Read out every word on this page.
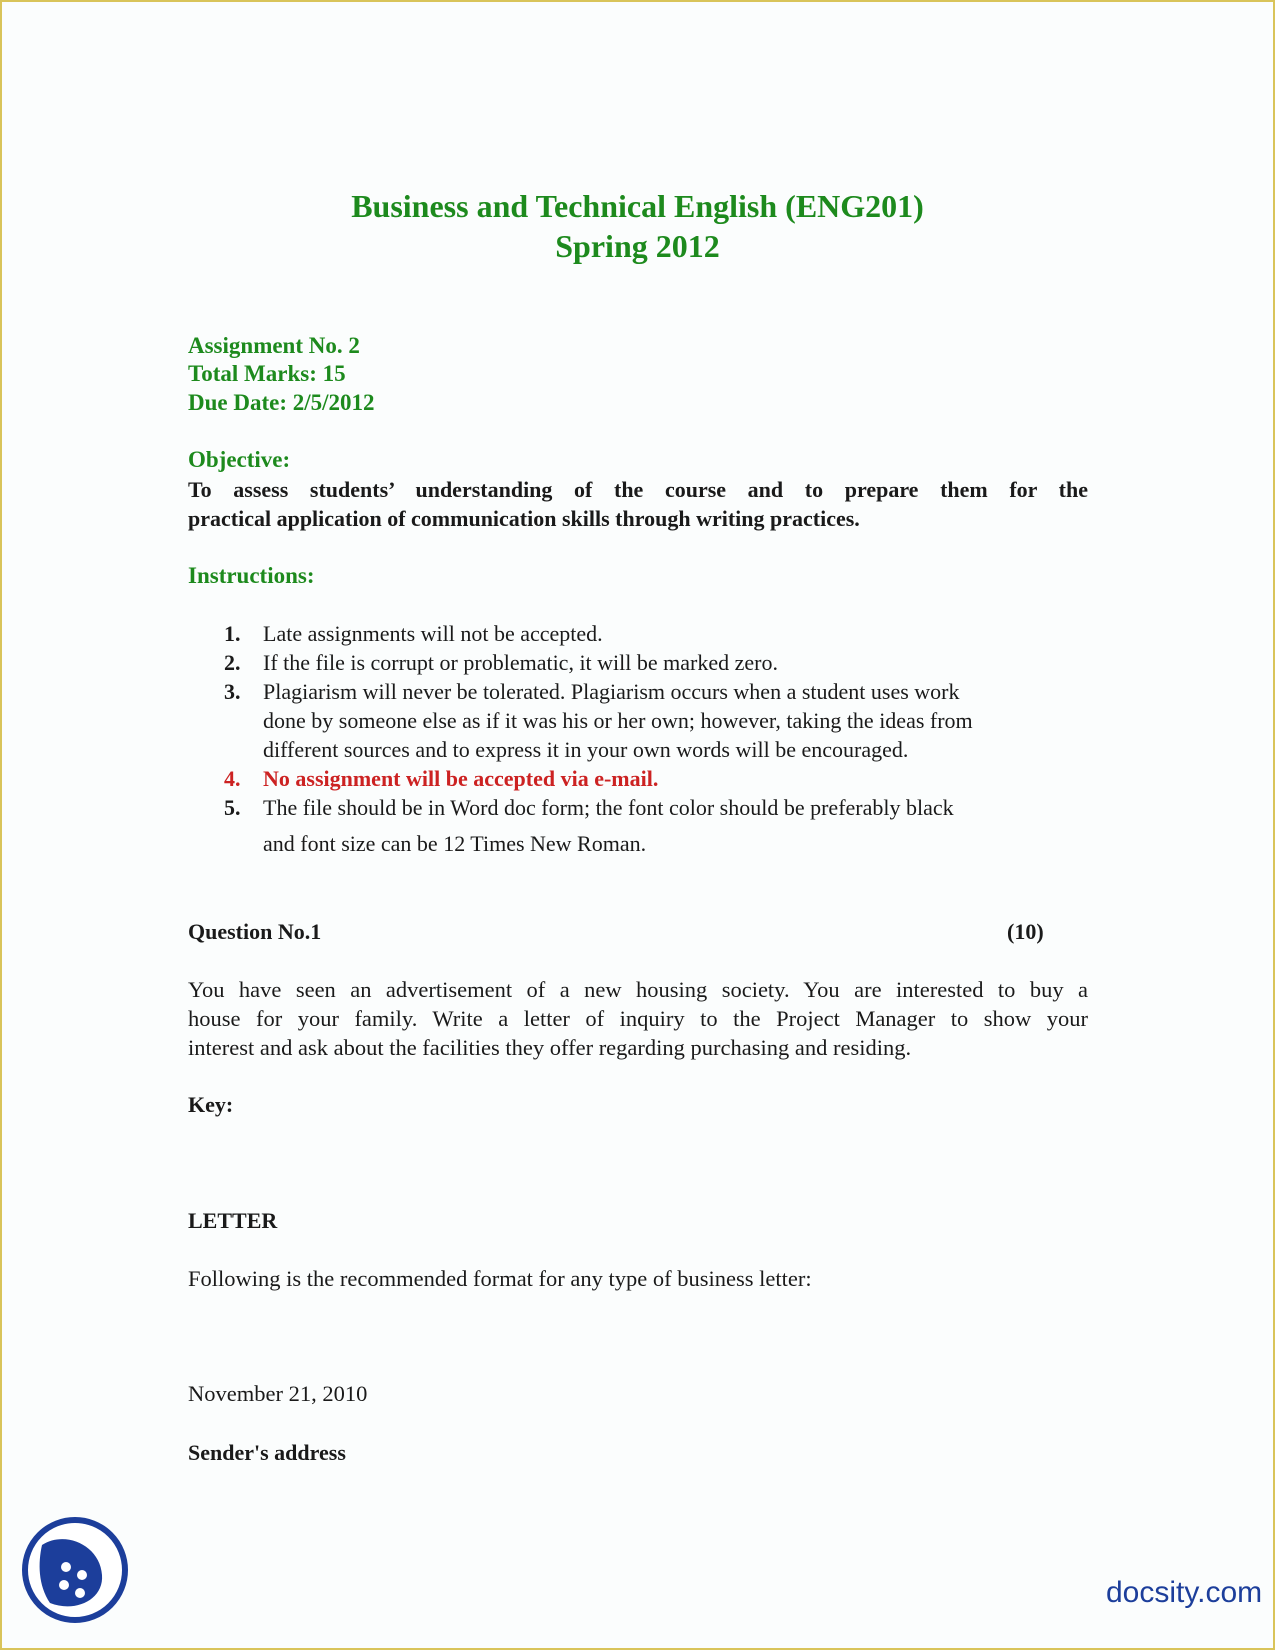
Business and Technical English (ENG201)
Spring 2012
Assignment No. 2
Total Marks: 15
Due Date: 2/5/2012
Objective:
To assess students’ understanding of the course and to prepare them for the
practical application of communication skills through writing practices.
Instructions:
1. Late assignments will not be accepted.
2. If the file is corrupt or problematic, it will be marked zero.
3. Plagiarism will never be tolerated. Plagiarism occurs when a student uses work
done by someone else as if it was his or her own; however, taking the ideas from
different sources and to express it in your own words will be encouraged.
4. No assignment will be accepted via e-mail.
5. The file should be in Word doc form; the font color should be preferably black
and font size can be 12 Times New Roman.
Question No.1	(10)
You have seen an advertisement of a new housing society. You are interested to buy a
house for your family. Write a letter of inquiry to the Project Manager to show your
interest and ask about the facilities they offer regarding purchasing and residing.
Key:
LETTER
Following is the recommended format for any type of business letter:
November 21, 2010
Sender's address
docsity.com
